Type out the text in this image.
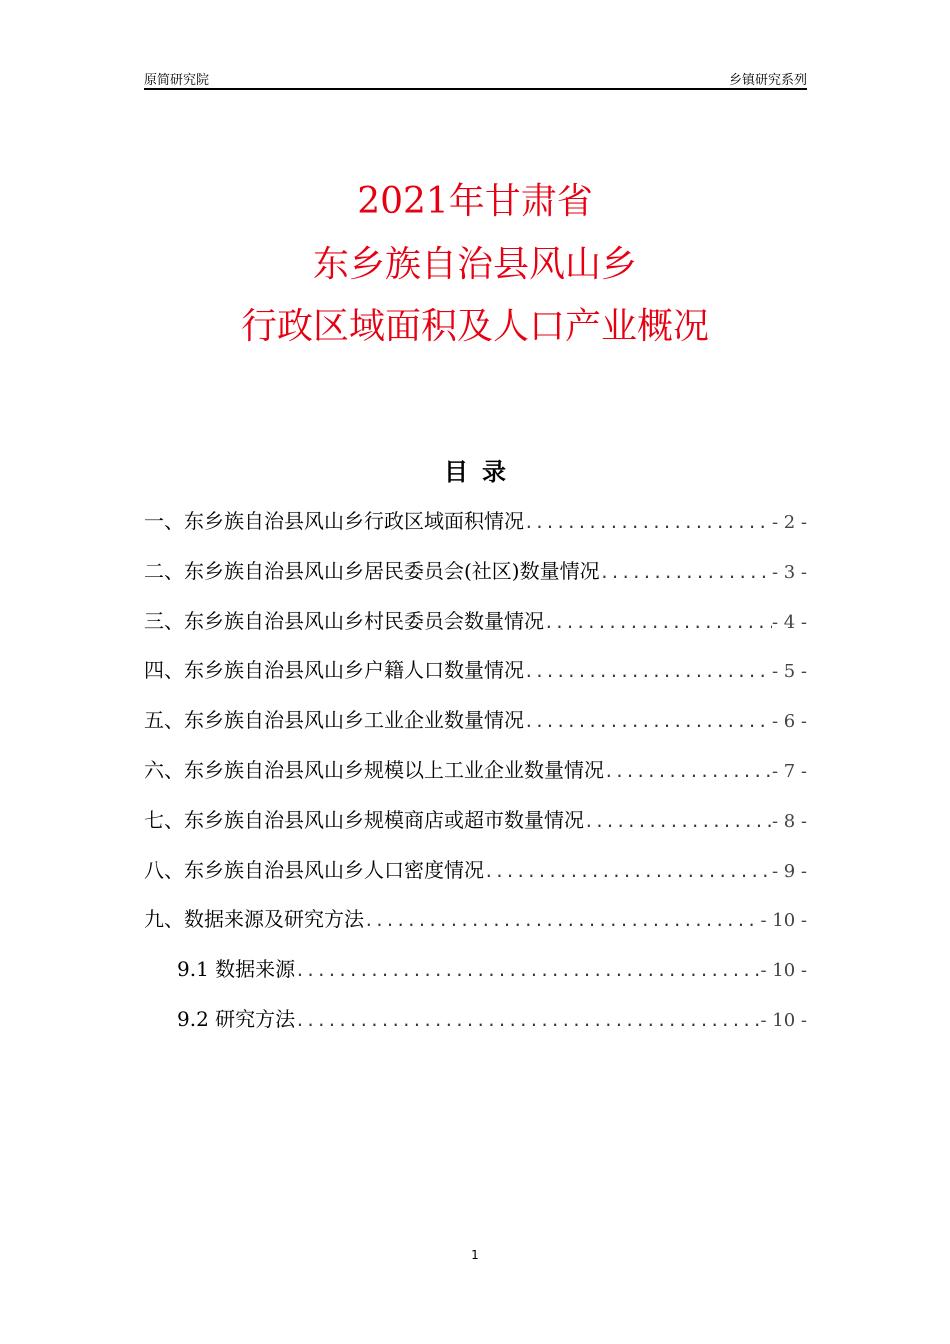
原简研究院	乡镇研究系列
2021年甘肃省
东乡族自治县风山乡
行政区域面积及人口产业概况
目录
一、东乡族自治县风山乡行政区域面积情况 .....	- 2 -
二、东乡族自治县风山乡居民委员会(社区)数量情况 .....	- 3 -
三、东乡族自治县风山乡村民委员会数量情况 .....	- 4 -
四、东乡族自治县风山乡户籍人口数量情况 .....	- 5 -
五、东乡族自治县风山乡工业企业数量情况 .....	- 6 -
六、东乡族自治县风山乡规模以上工业企业数量情况 .....	- 7 -
七、东乡族自治县风山乡规模商店或超市数量情况 .....	- 8 -
八、东乡族自治县风山乡人口密度情况 .....	- 9 -
九、数据来源及研究方法 .....	- 10 -
9.1 数据来源 .....	- 10 -
9.2 研究方法 .....	- 10 -
1
